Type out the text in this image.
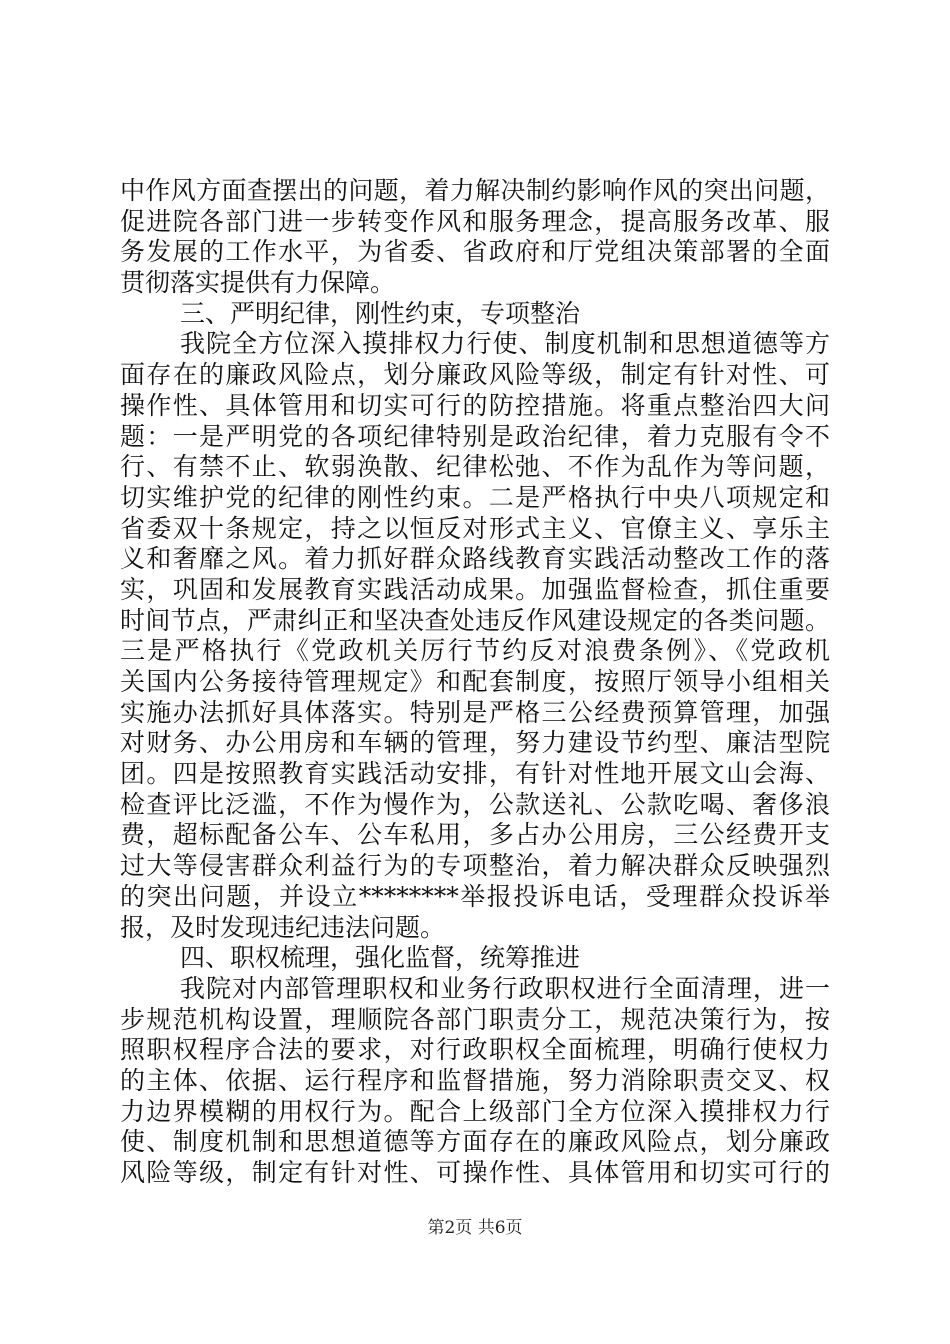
中作风方面查摆出的问题，着力解决制约影响作风的突出问题，
促进院各部门进一步转变作风和服务理念，提高服务改革、服
务发展的工作水平，为省委、省政府和厅党组决策部署的全面
贯彻落实提供有力保障。
三、严明纪律，刚性约束，专项整治
我院全方位深入摸排权力行使、制度机制和思想道德等方
面存在的廉政风险点，划分廉政风险等级，制定有针对性、可
操作性、具体管用和切实可行的防控措施。将重点整治四大问
题：一是严明党的各项纪律特别是政治纪律，着力克服有令不
行、有禁不止、软弱涣散、纪律松弛、不作为乱作为等问题，
切实维护党的纪律的刚性约束。二是严格执行中央八项规定和
省委双十条规定，持之以恒反对形式主义、官僚主义、享乐主
义和奢靡之风。着力抓好群众路线教育实践活动整改工作的落
实，巩固和发展教育实践活动成果。加强监督检查，抓住重要
时间节点，严肃纠正和坚决查处违反作风建设规定的各类问题。
三是严格执行《党政机关厉行节约反对浪费条例》、《党政机
关国内公务接待管理规定》和配套制度，按照厅领导小组相关
实施办法抓好具体落实。特别是严格三公经费预算管理，加强
对财务、办公用房和车辆的管理，努力建设节约型、廉洁型院
团。四是按照教育实践活动安排，有针对性地开展文山会海、
检查评比泛滥，不作为慢作为，公款送礼、公款吃喝、奢侈浪
费，超标配备公车、公车私用，多占办公用房，三公经费开支
过大等侵害群众利益行为的专项整治，着力解决群众反映强烈
的突出问题，并设立********举报投诉电话，受理群众投诉举
报，及时发现违纪违法问题。
四、职权梳理，强化监督，统筹推进
我院对内部管理职权和业务行政职权进行全面清理，进一
步规范机构设置，理顺院各部门职责分工，规范决策行为，按
照职权程序合法的要求，对行政职权全面梳理，明确行使权力
的主体、依据、运行程序和监督措施，努力消除职责交叉、权
力边界模糊的用权行为。配合上级部门全方位深入摸排权力行
使、制度机制和思想道德等方面存在的廉政风险点，划分廉政
风险等级，制定有针对性、可操作性、具体管用和切实可行的
第2页 共6页
